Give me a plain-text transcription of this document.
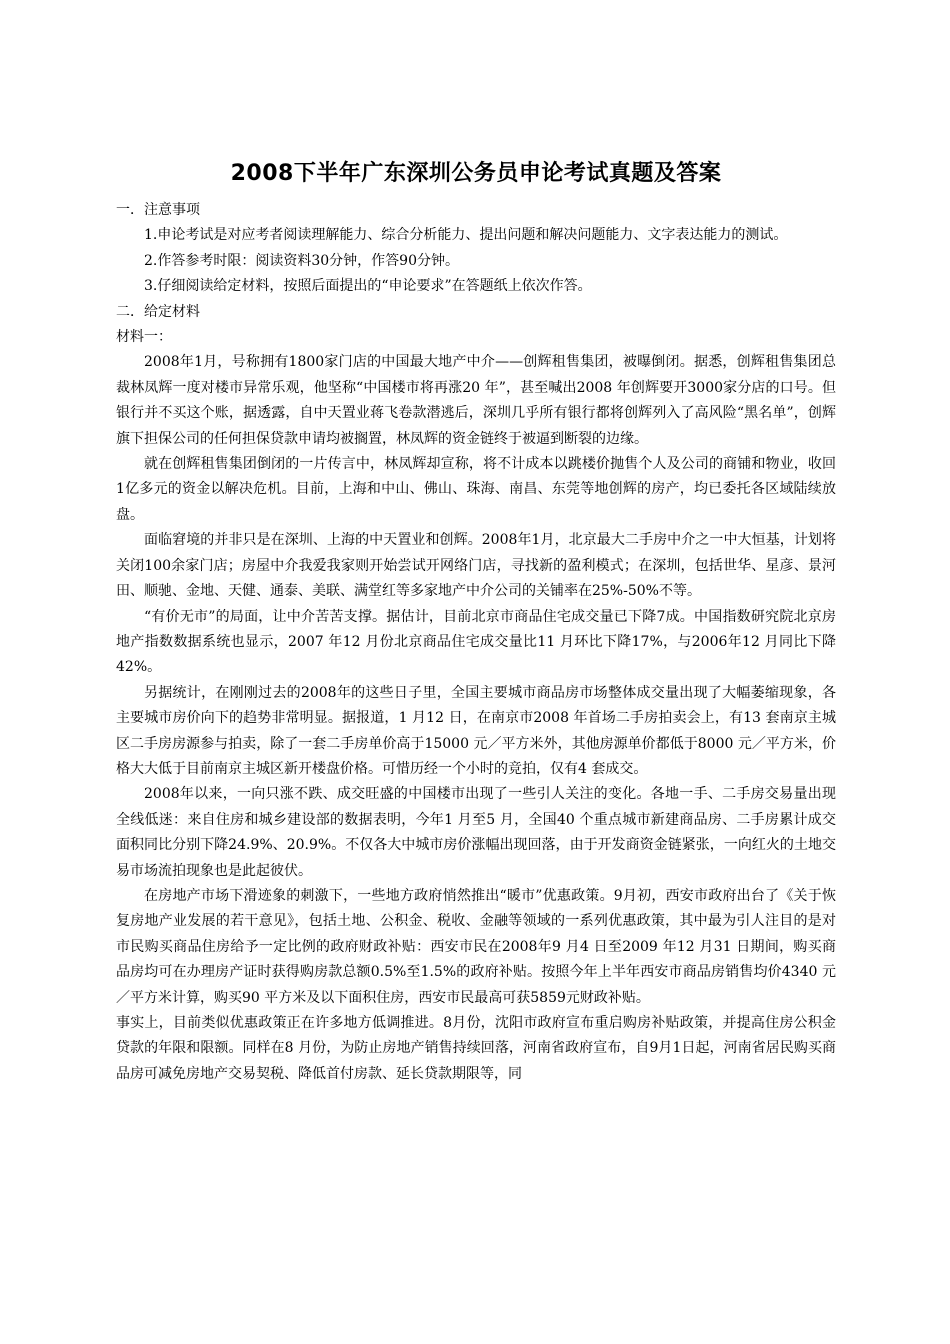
2008下半年广东深圳公务员申论考试真题及答案

一．注意事项

1.申论考试是对应考者阅读理解能力、综合分析能力、提出问题和解决问题能力、文字表达能力的测试。

2.作答参考时限：阅读资料30分钟，作答90分钟。

3.仔细阅读给定材料，按照后面提出的“申论要求”在答题纸上依次作答。

二．给定材料

材料一：

2008年1月，号称拥有1800家门店的中国最大地产中介——创辉租售集团，被曝倒闭。据悉，创辉租售集团总裁林凤辉一度对楼市异常乐观，他坚称“中国楼市将再涨20 年”，甚至喊出2008 年创辉要开3000家分店的口号。但银行并不买这个账，据透露，自中天置业蒋飞卷款潜逃后，深圳几乎所有银行都将创辉列入了高风险“黑名单”，创辉旗下担保公司的任何担保贷款申请均被搁置，林凤辉的资金链终于被逼到断裂的边缘。

就在创辉租售集团倒闭的一片传言中，林凤辉却宣称，将不计成本以跳楼价抛售个人及公司的商铺和物业，收回1亿多元的资金以解决危机。目前，上海和中山、佛山、珠海、南昌、东莞等地创辉的房产，均已委托各区域陆续放盘。

面临窘境的并非只是在深圳、上海的中天置业和创辉。2008年1月，北京最大二手房中介之一中大恒基，计划将关闭100余家门店；房屋中介我爱我家则开始尝试开网络门店，寻找新的盈利模式；在深圳，包括世华、星彦、景河田、顺驰、金地、天健、通泰、美联、满堂红等多家地产中介公司的关铺率在25%-50%不等。

“有价无市”的局面，让中介苦苦支撑。据估计，目前北京市商品住宅成交量已下降7成。中国指数研究院北京房地产指数数据系统也显示，2007 年12 月份北京商品住宅成交量比11 月环比下降17%，与2006年12 月同比下降42%。

另据统计，在刚刚过去的2008年的这些日子里，全国主要城市商品房市场整体成交量出现了大幅萎缩现象，各主要城市房价向下的趋势非常明显。据报道，1 月12 日，在南京市2008 年首场二手房拍卖会上，有13 套南京主城区二手房房源参与拍卖，除了一套二手房单价高于15000 元／平方米外，其他房源单价都低于8000 元／平方米，价格大大低于目前南京主城区新开楼盘价格。可惜历经一个小时的竞拍，仅有4 套成交。

2008年以来，一向只涨不跌、成交旺盛的中国楼市出现了一些引人关注的变化。各地一手、二手房交易量出现全线低迷：来自住房和城乡建设部的数据表明，今年1 月至5 月，全国40 个重点城市新建商品房、二手房累计成交面积同比分别下降24.9%、20.9%。不仅各大中城市房价涨幅出现回落，由于开发商资金链紧张，一向红火的土地交易市场流拍现象也是此起彼伏。

在房地产市场下滑迹象的刺激下，一些地方政府悄然推出“暖市”优惠政策。9月初，西安市政府出台了《关于恢复房地产业发展的若干意见》，包括土地、公积金、税收、金融等领域的一系列优惠政策，其中最为引人注目的是对市民购买商品住房给予一定比例的政府财政补贴：西安市民在2008年9 月4 日至2009 年12 月31 日期间，购买商品房均可在办理房产证时获得购房款总额0.5%至1.5%的政府补贴。按照今年上半年西安市商品房销售均价4340 元／平方米计算，购买90 平方米及以下面积住房，西安市民最高可获5859元财政补贴。

事实上，目前类似优惠政策正在许多地方低调推进。8月份，沈阳市政府宣布重启购房补贴政策，并提高住房公积金贷款的年限和限额。同样在8 月份，为防止房地产销售持续回落，河南省政府宣布，自9月1日起，河南省居民购买商品房可减免房地产交易契税、降低首付房款、延长贷款期限等，同
